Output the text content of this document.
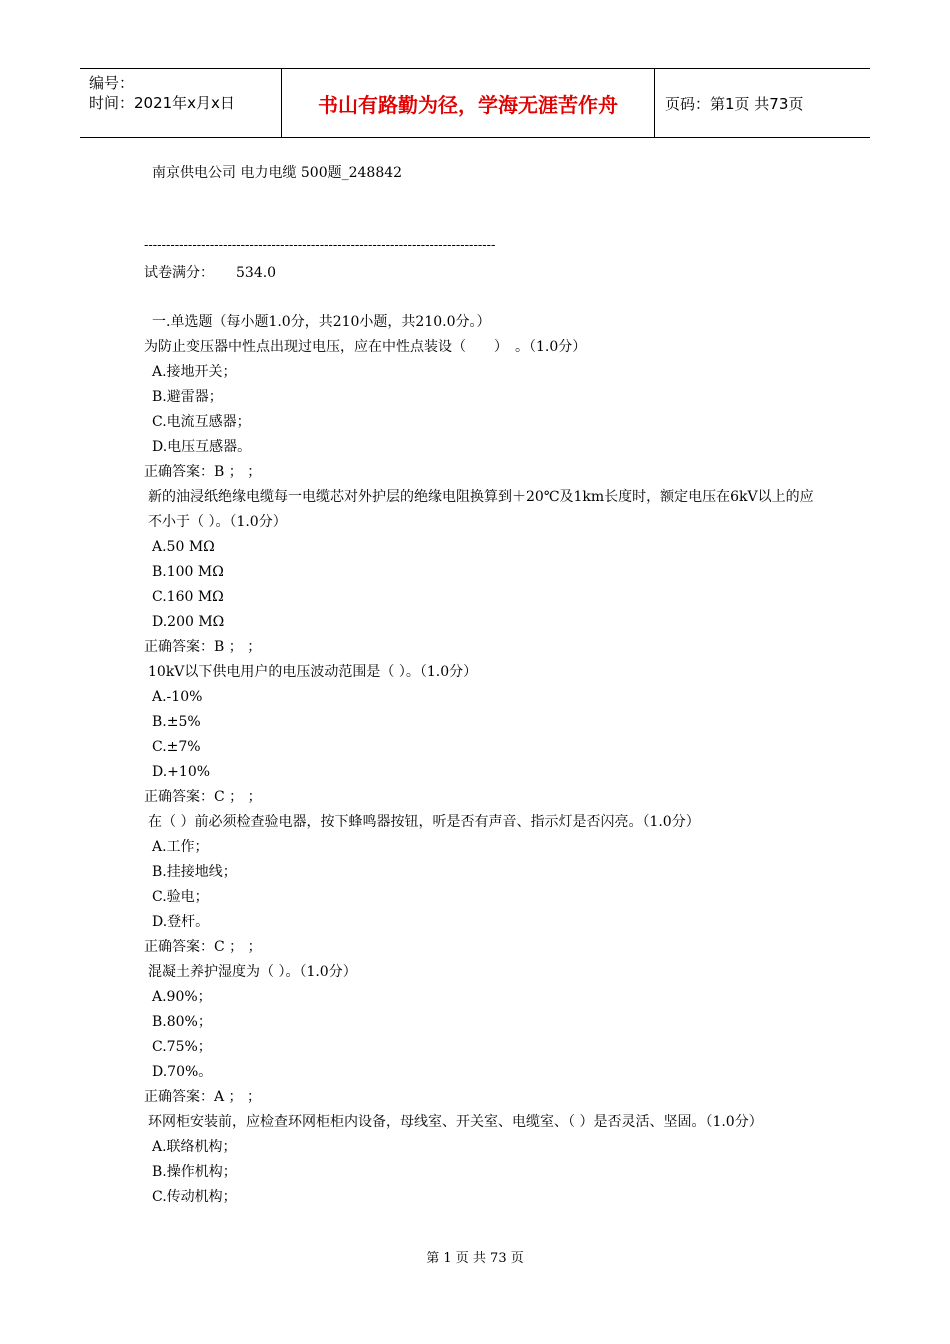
编号：
时间：2021年x月x日	书山有路勤为径，学海无涯苦作舟	页码：第1页 共73页
南京供电公司 电力电缆 500题_248842
--------------------------------------------------------------------------------
试卷满分： 534.0
一.单选题（每小题1.0分，共210小题，共210.0分。）
为防止变压器中性点出现过电压，应在中性点装设（　　）　。（1.0分）
A.接地开关；
B.避雷器；
C.电流互感器；
D.电压互感器。
正确答案：B ； ；
新的油浸纸绝缘电缆每一电缆芯对外护层的绝缘电阻换算到＋20℃及1km长度时，额定电压在6kV以上的应不小于（ ）。（1.0分）
A.50 MΩ
B.100 MΩ
C.160 MΩ
D.200 MΩ
正确答案：B ； ；
10kV以下供电用户的电压波动范围是（ ）。（1.0分）
A.-10%
B.±5%
C.±7%
D.+10%
正确答案：C ； ；
在（ ）前必须检查验电器，按下蜂鸣器按钮，听是否有声音、指示灯是否闪亮。（1.0分）
A.工作；
B.挂接地线；
C.验电；
D.登杆。
正确答案：C ； ；
混凝土养护湿度为（ ）。（1.0分）
A.90%；
B.80%；
C.75%；
D.70%。
正确答案：A ； ；
环网柜安装前，应检查环网柜柜内设备，母线室、开关室、电缆室、（ ）是否灵活、坚固。（1.0分）
A.联络机构；
B.操作机构；
C.传动机构；
第 1 页 共 73 页
